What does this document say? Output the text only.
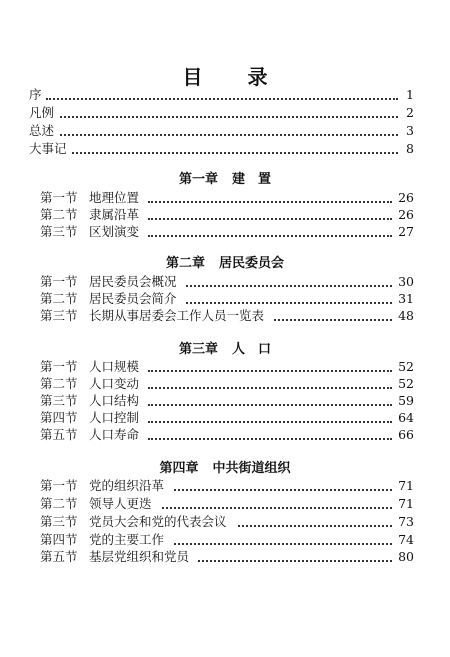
目 录
序	1
凡例	2
总述	3
大事记	8
第一章 建　置
第一节 地理位置	26
第二节 隶属沿革	26
第三节 区划演变	27
第二章 居民委员会
第一节 居民委员会概况	30
第二节 居民委员会简介	31
第三节 长期从事居委会工作人员一览表	48
第三章 人　口
第一节 人口规模	52
第二节 人口变动	52
第三节 人口结构	59
第四节 人口控制	64
第五节 人口寿命	66
第四章 中共街道组织
第一节 党的组织沿革	71
第二节 领导人更迭	71
第三节 党员大会和党的代表会议	73
第四节 党的主要工作	74
第五节 基层党组织和党员	80
